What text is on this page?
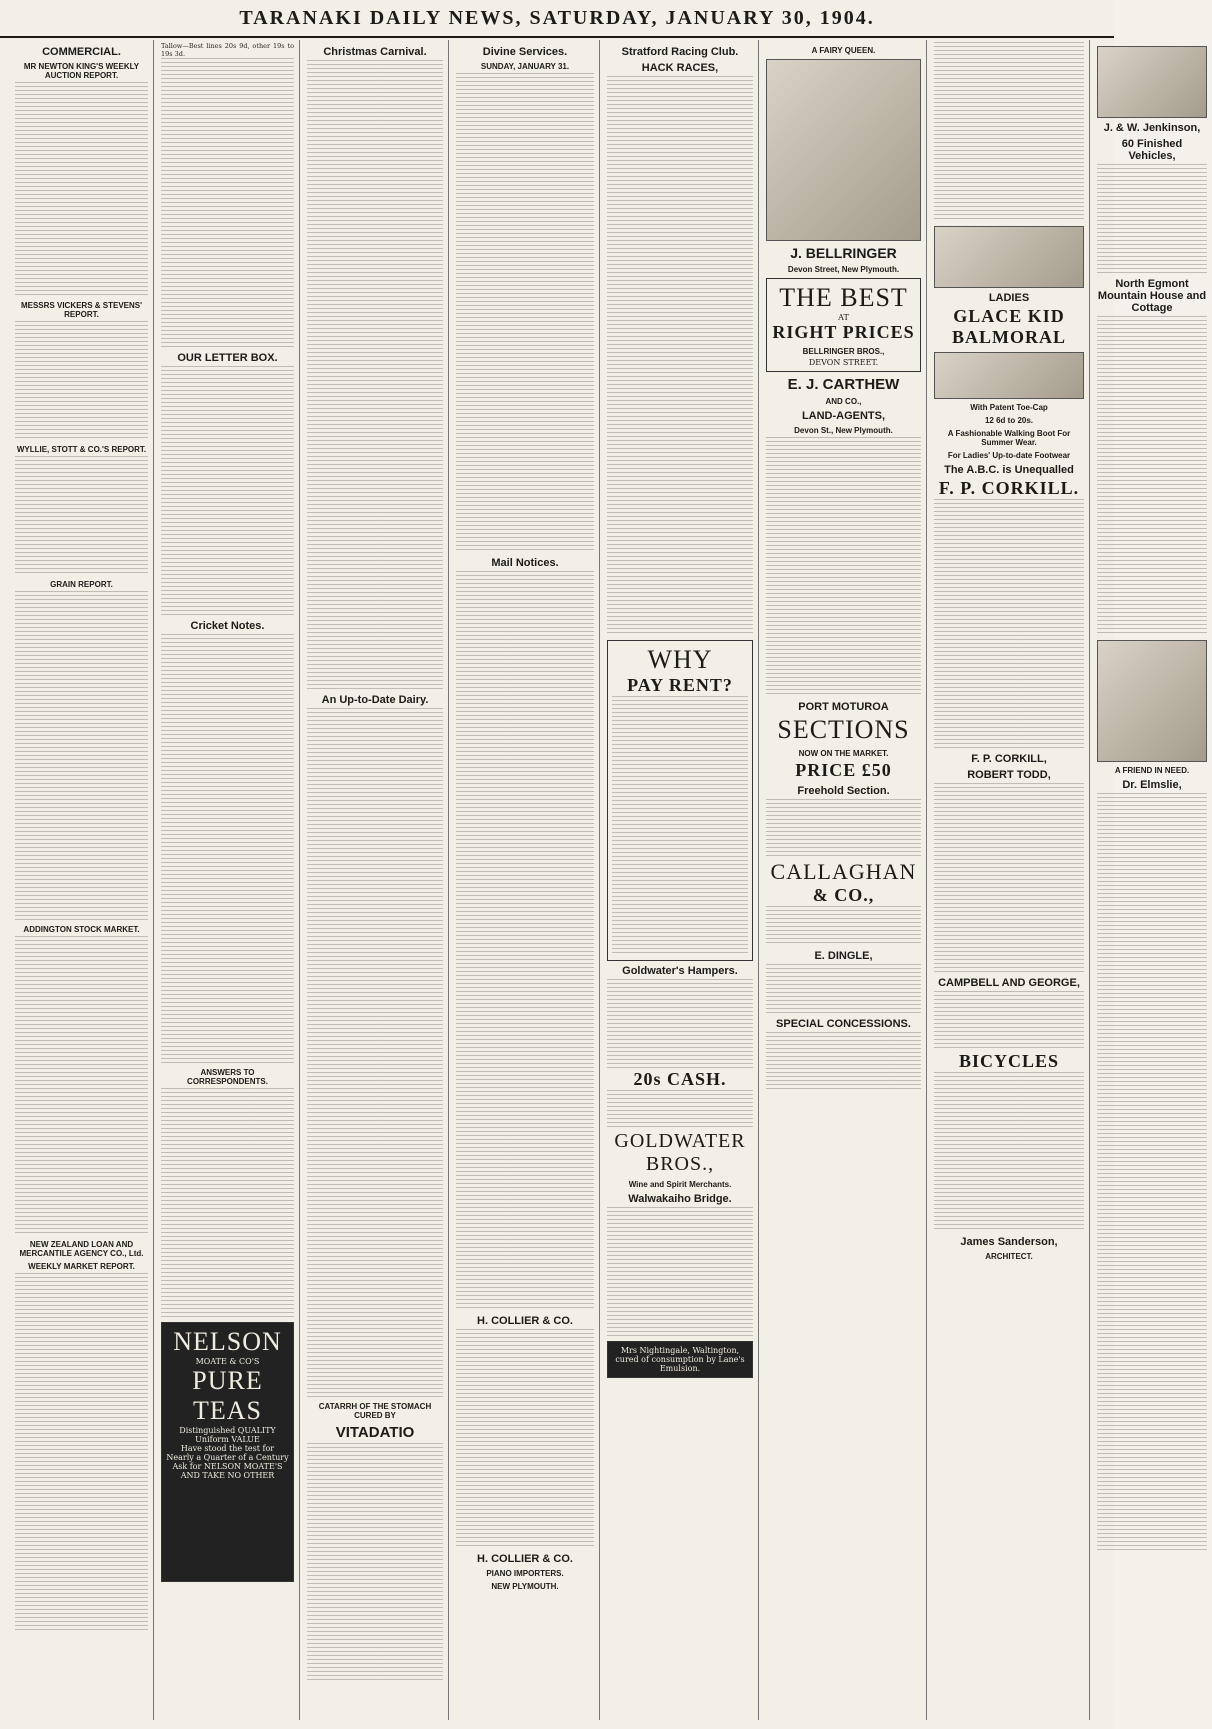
TARANAKI DAILY NEWS, SATURDAY, JANUARY 30, 1904.
COMMERCIAL.
MR NEWTON KING'S WEEKLY AUCTION REPORT.
MESSRS VICKERS & STEVENS' REPORT.
WYLLIE, STOTT & CO.'S REPORT.
GRAIN REPORT.
ADDINGTON STOCK MARKET.
NEW ZEALAND LOAN AND MERCANTILE AGENCY CO., Ltd.
WEEKLY MARKET REPORT.
Tallow—Best lines 20s 9d, other 19s to 19s 3d.
OUR LETTER BOX.
Cricket Notes.
ANSWERS TO CORRESPONDENTS.
NELSON
MOATE & CO'S
PURE
TEAS
Distinguished QUALITY
Uniform VALUE
Have stood the test for Nearly a Quarter of a Century
Ask for NELSON MOATE'S AND TAKE NO OTHER
Christmas Carnival.
An Up-to-Date Dairy.
CATARRH OF THE STOMACH CURED BY
VITADATIO
Divine Services.
SUNDAY, JANUARY 31.
Mail Notices.
H. COLLIER & CO.
H. COLLIER & CO.
PIANO IMPORTERS.
NEW PLYMOUTH.
Stratford Racing Club.
HACK RACES,
WHY
PAY RENT?
Goldwater's Hampers.
20s CASH.
GOLDWATER BROS.,
Wine and Spirit Merchants.
Walwakaiho Bridge.
Mrs Nightingale, Waltington, cured of consumption by Lane's Emulsion.
A FAIRY QUEEN.
J. BELLRINGER
Devon Street, New Plymouth.
THE BEST
AT
RIGHT PRICES
BELLRINGER BROS.,
DEVON STREET.
E. J. CARTHEW
AND CO.,
LAND-AGENTS,
Devon St., New Plymouth.
PORT MOTUROA
SECTIONS
NOW ON THE MARKET.
PRICE £50
Freehold Section.
CALLAGHAN
& CO.,
E. DINGLE,
SPECIAL CONCESSIONS.
LADIES
GLACE KID
BALMORAL
With Patent Toe-Cap
12 6d to 20s.
A Fashionable Walking Boot For Summer Wear.
For Ladies' Up-to-date Footwear
The A.B.C. is Unequalled
F. P. CORKILL.
F. P. CORKILL,
ROBERT TODD,
CAMPBELL AND GEORGE,
BICYCLES
James Sanderson,
ARCHITECT.
J. & W. Jenkinson,
60 Finished Vehicles,
North Egmont Mountain House and Cottage
A FRIEND IN NEED.
Dr. Elmslie,
